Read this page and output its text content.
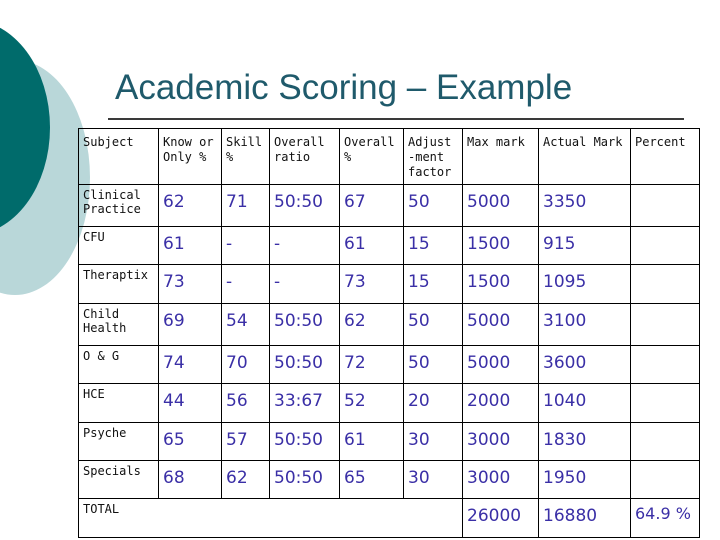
Academic Scoring – Example
Subject	Know or Only %	Skill %	Overall ratio	Overall %	Adjust -ment factor	Max mark	Actual Mark	Percent
Clinical Practice	62	71	50:50	67	50	5000	3350	
CFU	61	-	-	61	15	1500	915	
Theraptix	73	-	-	73	15	1500	1095	
Child Health	69	54	50:50	62	50	5000	3100	
O & G	74	70	50:50	72	50	5000	3600	
HCE	44	56	33:67	52	20	2000	1040	
Psyche	65	57	50:50	61	30	3000	1830	
Specials	68	62	50:50	65	30	3000	1950	
TOTAL						26000	16880	64.9 %
